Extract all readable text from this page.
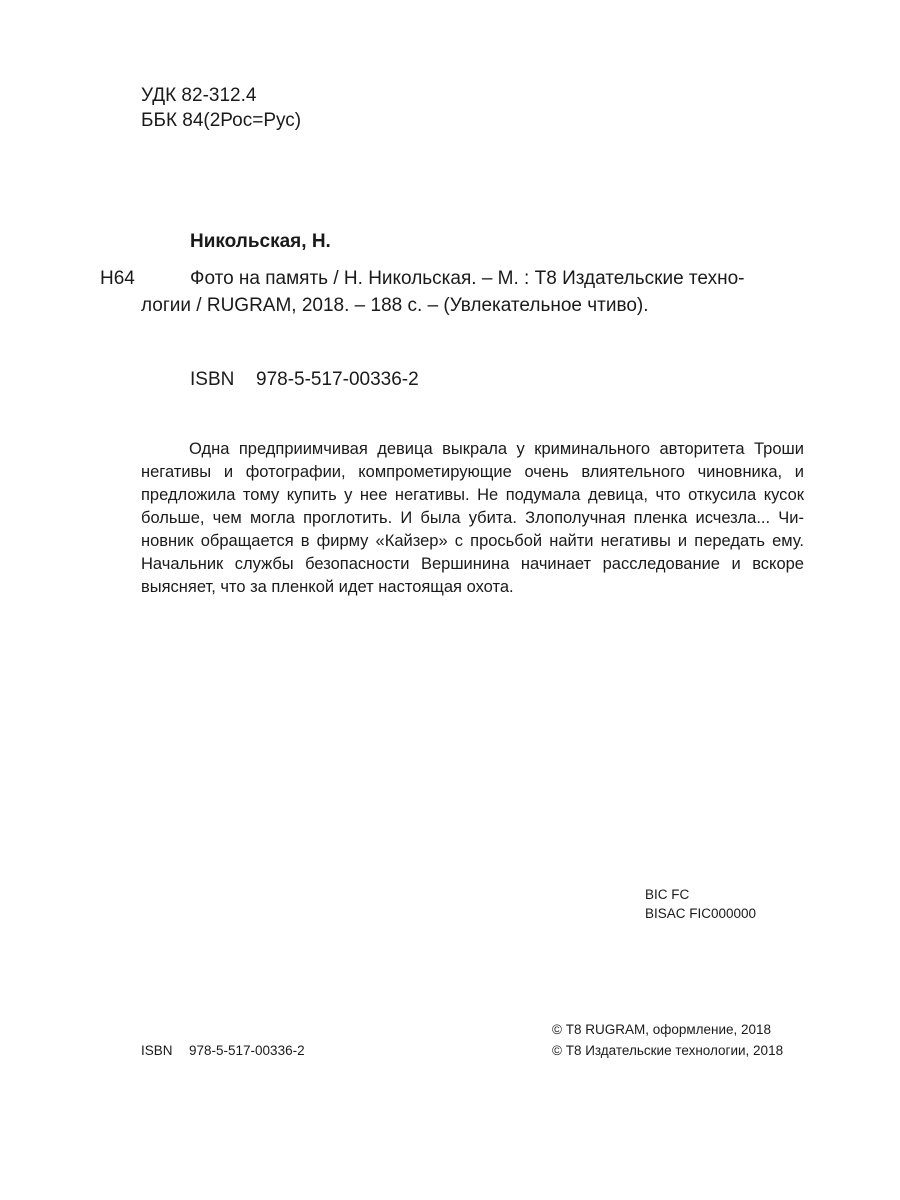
УДК 82-312.4

ББК 84(2Рос=Рус)

Никольская, Н.

Н64	Фото на память / Н. Никольская. – М. : Т8 Издательские техно-

логии / RUGRAM, 2018. – 188 с. – (Увлекательное чтиво).

ISBN 978-5-517-00336-2

Одна предприимчивая девица выкрала у криминального авторитета Троши

негативы и фотографии, компрометирующие очень влиятельного чиновника, и

предложила тому купить у нее негативы. Не подумала девица, что откусила кусок

больше, чем могла проглотить. И была убита. Злополучная пленка исчезла... Чи-

новник обращается в фирму «Кайзер» с просьбой найти негативы и передать ему.

Начальник службы безопасности Вершинина начинает расследование и вскоре

выясняет, что за пленкой идет настоящая охота.

BIC FC

BISAC FIC000000

© Т8 RUGRAM, оформление, 2018

© Т8 Издательские технологии, 2018

ISBN 978-5-517-00336-2
